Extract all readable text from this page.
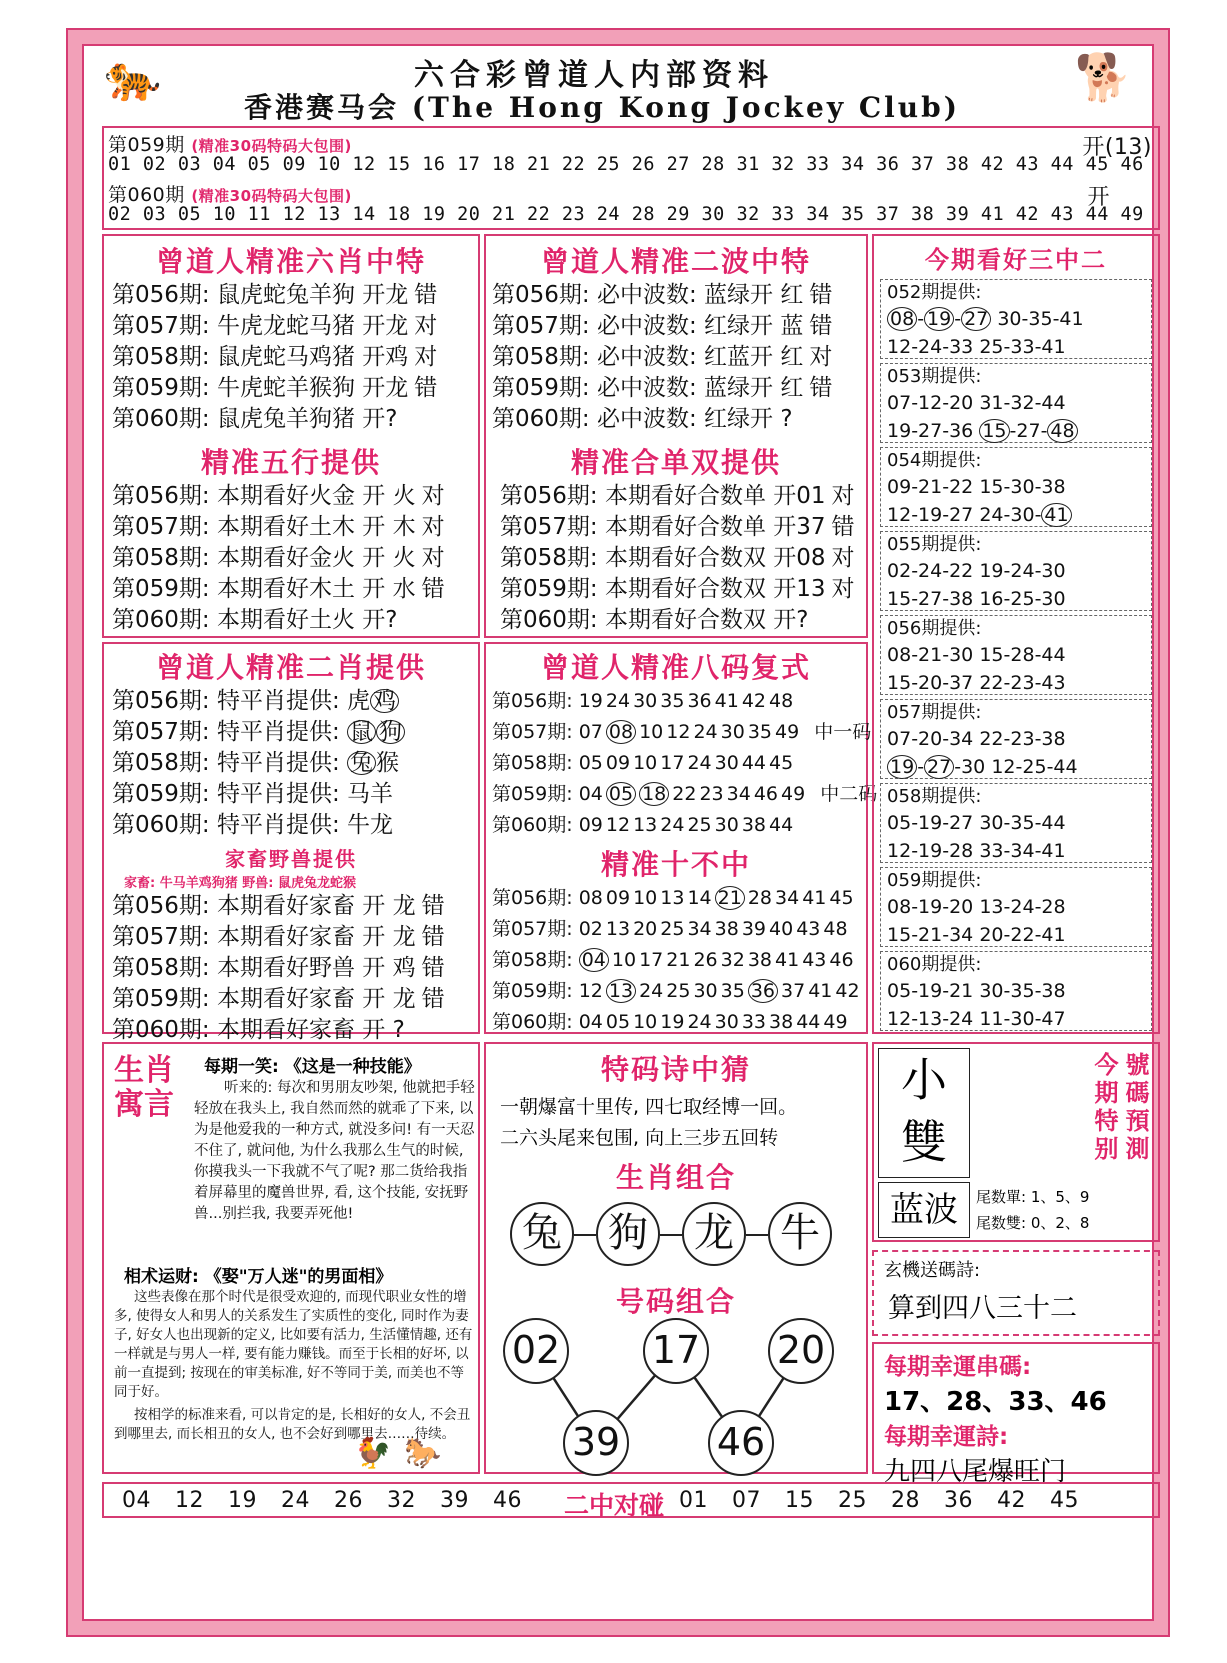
🐅	🐕
六合彩曾道人内部资料
香港赛马会 (The Hong Kong Jockey Club)
第059期 (精准30码特码大包围)	开(13)
01 02 03 04 05 09 10 12 15 16 17 18 21 22 25 26 27 28 31 32 33 34 36 37 38 42 43 44 45 46
第060期 (精准30码特码大包围)	开
02 03 05 10 11 12 13 14 18 19 20 21 22 23 24 28 29 30 32 33 34 35 37 38 39 41 42 43 44 49
曾道人精准六肖中特
第056期: 鼠虎蛇兔羊狗 开龙 错
第057期: 牛虎龙蛇马猪 开龙 对
第058期: 鼠虎蛇马鸡猪 开鸡 对
第059期: 牛虎蛇羊猴狗 开龙 错
第060期: 鼠虎兔羊狗猪 开?
精准五行提供
第056期: 本期看好火金 开 火 对
第057期: 本期看好土木 开 木 对
第058期: 本期看好金火 开 火 对
第059期: 本期看好木土 开 水 错
第060期: 本期看好土火 开?
曾道人精准二波中特
第056期: 必中波数: 蓝绿开 红 错
第057期: 必中波数: 红绿开 蓝 错
第058期: 必中波数: 红蓝开 红 对
第059期: 必中波数: 蓝绿开 红 错
第060期: 必中波数: 红绿开 ?
精准合单双提供
第056期: 本期看好合数单 开01 对
第057期: 本期看好合数单 开37 错
第058期: 本期看好合数双 开08 对
第059期: 本期看好合数双 开13 对
第060期: 本期看好合数双 开?
曾道人精准二肖提供
第056期: 特平肖提供: 虎 鸡
第057期: 特平肖提供: 鼠 狗
第058期: 特平肖提供: 兔 猴
第059期: 特平肖提供: 马羊
第060期: 特平肖提供: 牛龙
家畜野兽提供
家畜: 牛马羊鸡狗猪 野兽: 鼠虎兔龙蛇猴
第056期: 本期看好家畜 开 龙 错
第057期: 本期看好家畜 开 龙 错
第058期: 本期看好野兽 开 鸡 错
第059期: 本期看好家畜 开 龙 错
第060期: 本期看好家畜 开 ?
曾道人精准八码复式
第056期: 19 24 30 35 36 41 42 48
第057期: 07 08 10 12 24 30 35 49 中一码
第058期: 05 09 10 17 24 30 44 45
第059期: 04 05 18 22 23 34 46 49 中二码
第060期: 09 12 13 24 25 30 38 44
精准十不中
第056期: 08 09 10 13 14 21 28 34 41 45
第057期: 02 13 20 25 34 38 39 40 43 48
第058期: 04 10 17 21 26 32 38 41 43 46
第059期: 12 13 24 25 30 35 36 37 41 42
第060期: 04 05 10 19 24 30 33 38 44 49
今期看好三中二
052期提供:
08 - 19 - 27 30-35-41
12-24-33 25-33-41
053期提供:
07-12-20 31-32-44
19-27-36 15 -27- 48
054期提供:
09-21-22 15-30-38
12-19-27 24-30- 41
055期提供:
02-24-22 19-24-30
15-27-38 16-25-30
056期提供:
08-21-30 15-28-44
15-20-37 22-23-43
057期提供:
07-20-34 22-23-38
19 - 27 -30 12-25-44
058期提供:
05-19-27 30-35-44
12-19-28 33-34-41
059期提供:
08-19-20 13-24-28
15-21-34 20-22-41
060期提供:
05-19-21 30-35-38
12-13-24 11-30-47
生肖寓言
每期一笑: 《这是一种技能》
听来的: 每次和男朋友吵架, 他就把手轻轻放在我头上, 我自然而然的就乖了下来, 以为是他爱我的一种方式, 就没多问! 有一天忍不住了, 就问他, 为什么我那么生气的时候, 你摸我头一下我就不气了呢? 那二货给我指着屏幕里的魔兽世界, 看, 这个技能, 安抚野兽...别拦我, 我要弄死他!
相术运财: 《娶"万人迷"的男面相》
这些表像在那个时代是很受欢迎的, 而现代职业女性的增多, 使得女人和男人的关系发生了实质性的变化, 同时作为妻子, 好女人也出现新的定义, 比如要有活力, 生活懂情趣, 还有一样就是与男人一样, 要有能力赚钱。而至于长相的好坏, 以前一直提到; 按现在的审美标准, 好不等同于美, 而美也不等同于好。
按相学的标准来看, 可以肯定的是, 长相好的女人, 不会丑到哪里去, 而长相丑的女人, 也不会好到哪里去……待续。
🐓 🐎
特码诗中猜
一朝爆富十里传, 四七取经博一回。
二六头尾来包围, 向上三步五回转
生肖组合
兔	狗	龙	牛
号码组合
02 17 20
39	46
小
雙	號碼預測 今期特别
蓝波	尾数單: 1、5、9
尾数雙: 0、2、8
玄機送碼詩:
算到四八三十二
每期幸運串碼:
17、28、33、46
每期幸運詩:
九四八尾爆旺门
04 12 19 24 26 32 39 46	二中对碰 01 07 15 25 28 36 42 45
